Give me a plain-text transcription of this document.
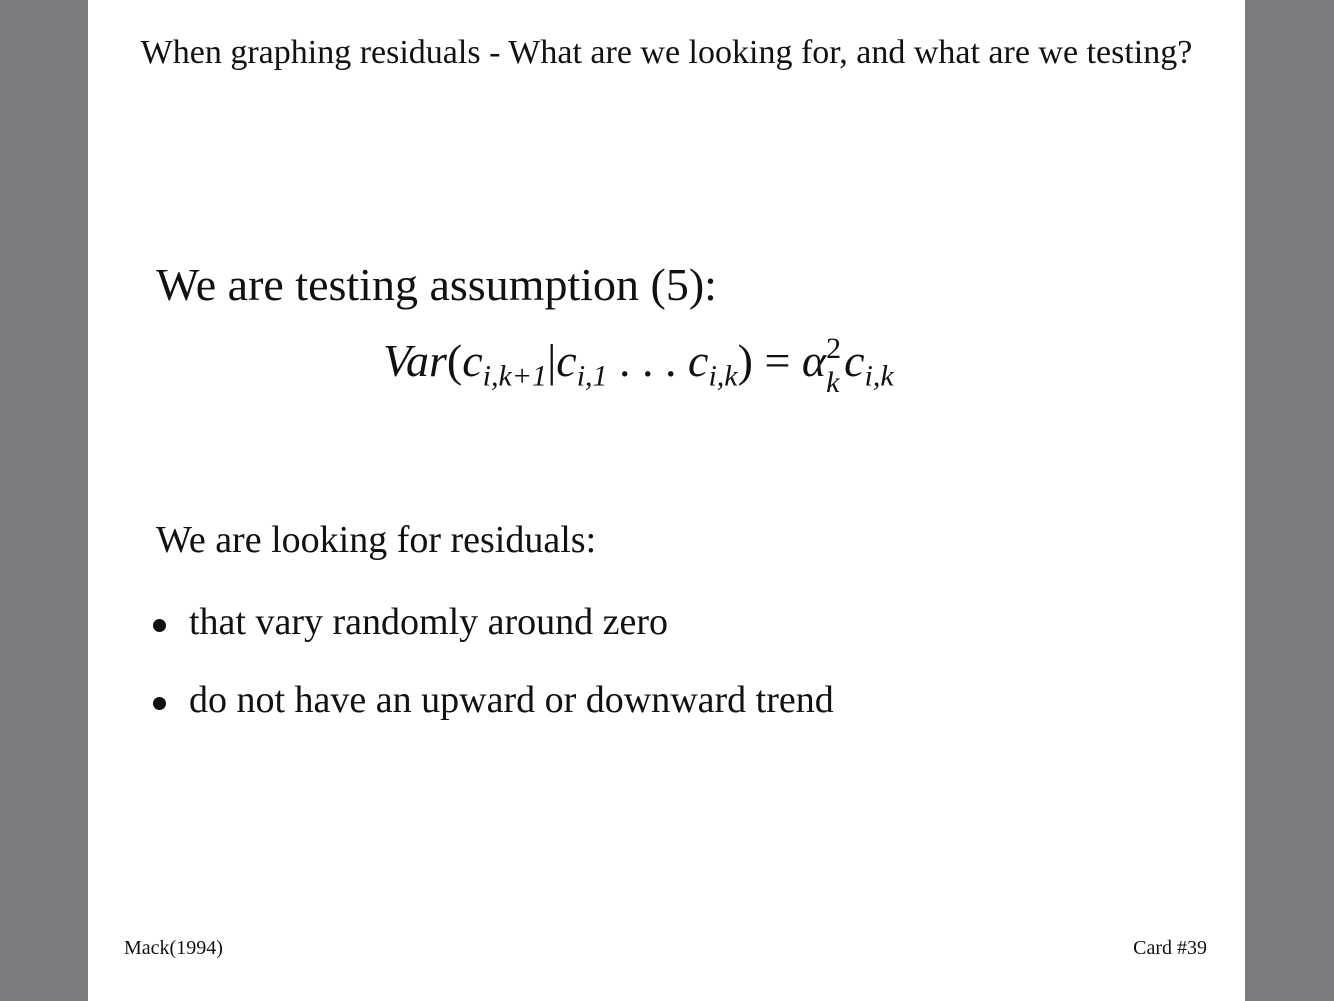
When graphing residuals - What are we looking for, and what are we testing?
We are testing assumption (5):
$Var(c_{i,k+1}|c_{i,1}$ . . . $c_{i,k}) = \alpha$ 2
k $c_{i,k}$
We are looking for residuals:
that vary randomly around zero
do not have an upward or downward trend
Mack(1994)	Card #39
